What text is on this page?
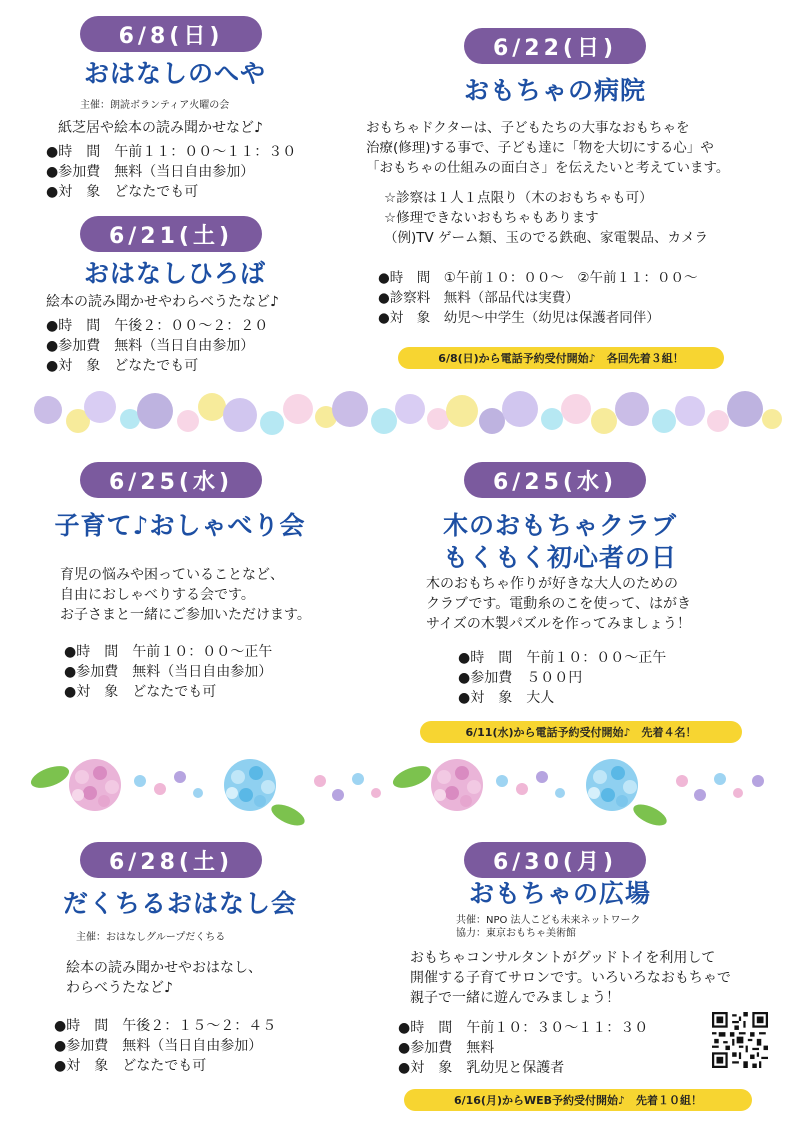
6/8(日)
おはなしのへや
主催：朗読ボランティア火曜の会
紙芝居や絵本の読み聞かせなど♪
●時　間　午前１１：００〜１１：３０
●参加費　無料（当日自由参加）
●対　象　どなたでも可
6/21(土)
おはなしひろば
絵本の読み聞かせやわらべうたなど♪
●時　間　午後２：００〜２：２０
●参加費　無料（当日自由参加）
●対　象　どなたでも可
6/22(日)
おもちゃの病院
おもちゃドクターは、子どもたちの大事なおもちゃを
治療(修理)する事で、子ども達に「物を大切にする心」や
「おもちゃの仕組みの面白さ」を伝えたいと考えています。
☆診察は１人１点限り（木のおもちゃも可）
☆修理できないおもちゃもあります
（例)TV ゲーム類、玉のでる鉄砲、家電製品、カメラ
●時　間　①午前１０：００〜　②午前１１：００〜
●診察料　無料（部品代は実費）
●対　象　幼児〜中学生（幼児は保護者同伴）
6/8(日)から電話予約受付開始♪　各回先着３組！
6/25(水)
子育て♪おしゃべり会
育児の悩みや困っていることなど、
自由におしゃべりする会です。
お子さまと一緒にご参加いただけます。
●時　間　午前１０：００〜正午
●参加費　無料（当日自由参加）
●対　象　どなたでも可
6/25(水)
木のおもちゃクラブ
もくもく初心者の日
木のおもちゃ作りが好きな大人のための
クラブです。電動糸のこを使って、はがき
サイズの木製パズルを作ってみましょう！
●時　間　午前１０：００〜正午
●参加費　５００円
●対　象　大人
6/11(水)から電話予約受付開始♪　先着４名！
6/28(土)
だくちるおはなし会
主催：おはなしグループだくちる
絵本の読み聞かせやおはなし、
わらべうたなど♪
●時　間　午後２：１５〜２：４５
●参加費　無料（当日自由参加）
●対　象　どなたでも可
6/30(月)
おもちゃの広場
共催：NPO 法人こども未来ネットワーク
協力：東京おもちゃ美術館
おもちゃコンサルタントがグッドトイを利用して
開催する子育てサロンです。いろいろなおもちゃで
親子で一緒に遊んでみましょう！
●時　間　午前１０：３０〜１１：３０
●参加費　無料
●対　象　乳幼児と保護者
6/16(月)からWEB予約受付開始♪　先着１０組！
